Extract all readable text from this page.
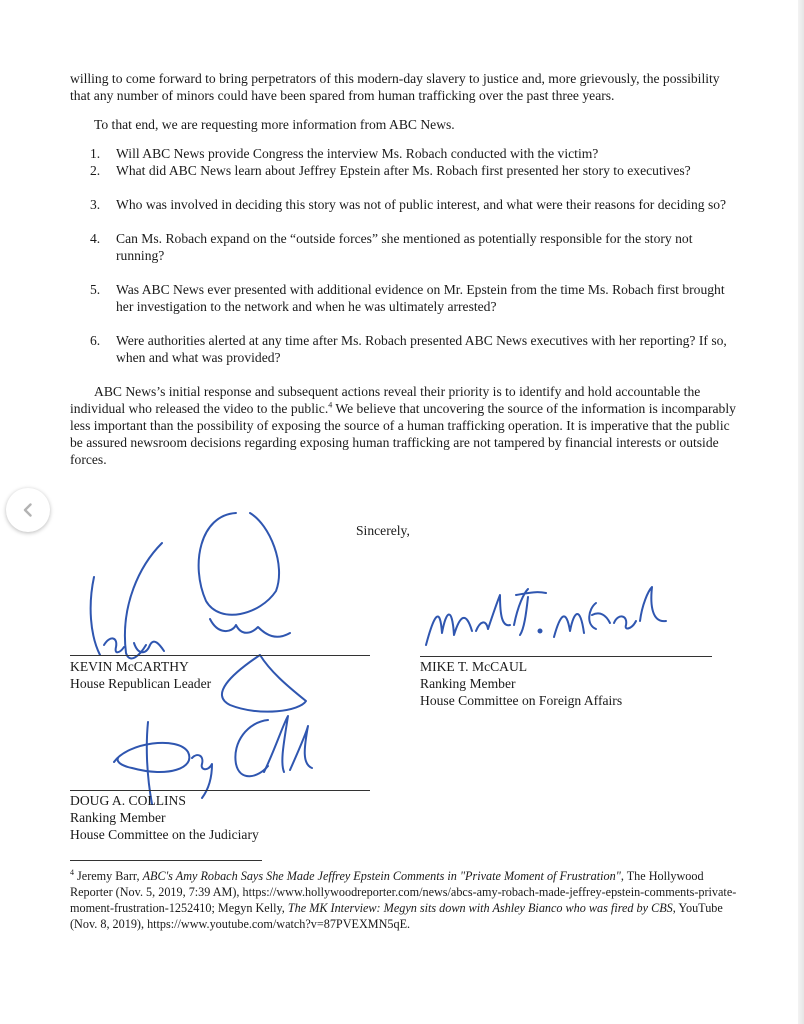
willing to come forward to bring perpetrators of this modern-day slavery to justice and, more grievously, the possibility that any number of minors could have been spared from human trafficking over the past three years.

To that end, we are requesting more information from ABC News.

1. Will ABC News provide Congress the interview Ms. Robach conducted with the victim?
2. What did ABC News learn about Jeffrey Epstein after Ms. Robach first presented her story to executives?
3. Who was involved in deciding this story was not of public interest, and what were their reasons for deciding so?
4. Can Ms. Robach expand on the “outside forces” she mentioned as potentially responsible for the story not running?
5. Was ABC News ever presented with additional evidence on Mr. Epstein from the time Ms. Robach first brought her investigation to the network and when he was ultimately arrested?
6. Were authorities alerted at any time after Ms. Robach presented ABC News executives with her reporting? If so, when and what was provided?

ABC News’s initial response and subsequent actions reveal their priority is to identify and hold accountable the individual who released the video to the public.$^4$ We believe that uncovering the source of the information is incomparably less important than the possibility of exposing the source of a human trafficking operation. It is imperative that the public be assured newsroom decisions regarding exposing human trafficking are not tampered by financial interests or outside forces.

Sincerely,
KEVIN McCARTHY
House Republican Leader
MIKE T. McCAUL
Ranking Member
House Committee on Foreign Affairs
DOUG A. COLLINS
Ranking Member
House Committee on the Judiciary
$^4$ Jeremy Barr, ABC's Amy Robach Says She Made Jeffrey Epstein Comments in "Private Moment of Frustration", The Hollywood Reporter (Nov. 5, 2019, 7:39 AM), https://www.hollywoodreporter.com/news/abcs-amy-robach-made-jeffrey-epstein-comments-private-moment-frustration-1252410; Megyn Kelly, The MK Interview: Megyn sits down with Ashley Bianco who was fired by CBS, YouTube (Nov. 8, 2019), https://www.youtube.com/watch?v=87PVEXMN5qE.
